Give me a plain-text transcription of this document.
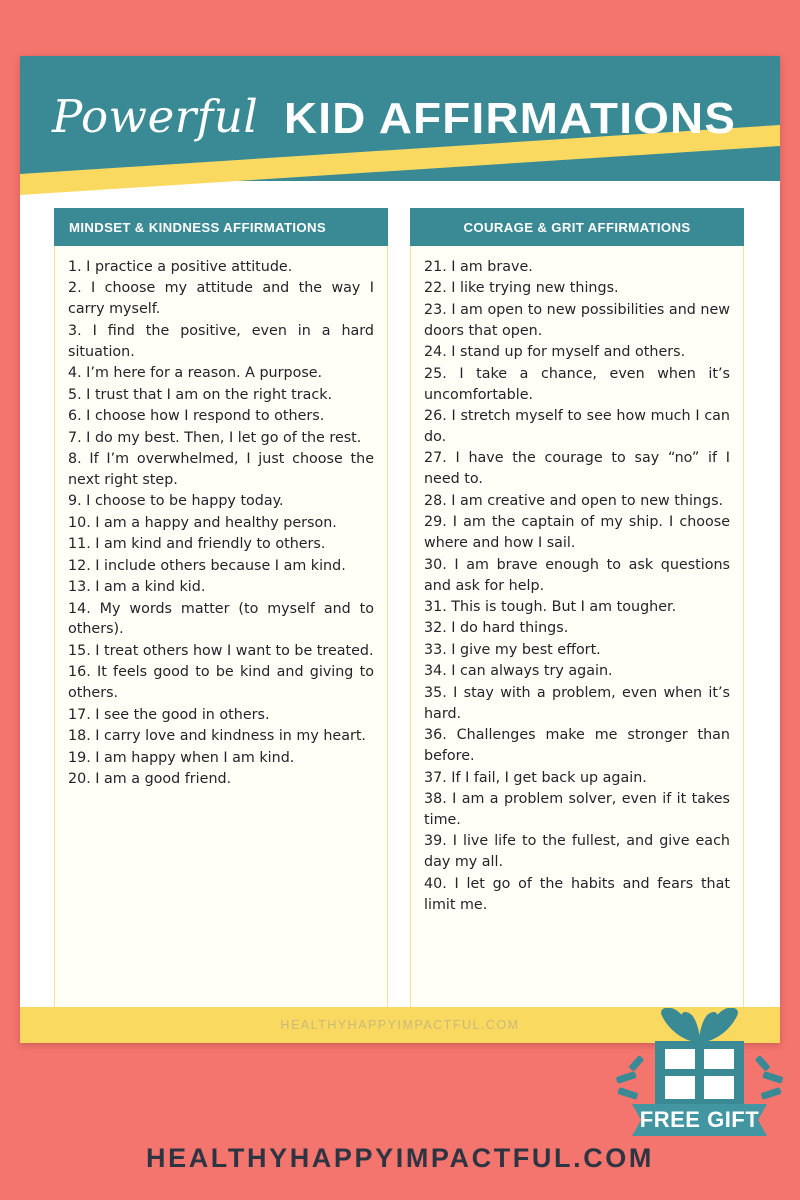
Powerful KID AFFIRMATIONS
MINDSET & KINDNESS AFFIRMATIONS
1. I practice a positive attitude.
2. I choose my attitude and the way I carry myself.
3. I find the positive, even in a hard situation.
4. I’m here for a reason. A purpose.
5. I trust that I am on the right track.
6. I choose how I respond to others.
7. I do my best. Then, I let go of the rest.
8. If I’m overwhelmed, I just choose the next right step.
9. I choose to be happy today.
10. I am a happy and healthy person.
11. I am kind and friendly to others.
12. I include others because I am kind.
13. I am a kind kid.
14. My words matter (to myself and to others).
15. I treat others how I want to be treated.
16. It feels good to be kind and giving to others.
17. I see the good in others.
18. I carry love and kindness in my heart.
19. I am happy when I am kind.
20. I am a good friend.
COURAGE & GRIT AFFIRMATIONS
21. I am brave.
22. I like trying new things.
23. I am open to new possibilities and new doors that open.
24. I stand up for myself and others.
25. I take a chance, even when it’s uncomfortable.
26. I stretch myself to see how much I can do.
27. I have the courage to say “no” if I need to.
28. I am creative and open to new things.
29. I am the captain of my ship. I choose where and how I sail.
30. I am brave enough to ask questions and ask for help.
31. This is tough. But I am tougher.
32. I do hard things.
33. I give my best effort.
34. I can always try again.
35. I stay with a problem, even when it’s hard.
36. Challenges make me stronger than before.
37. If I fail, I get back up again.
38. I am a problem solver, even if it takes time.
39. I live life to the fullest, and give each day my all.
40. I let go of the habits and fears that limit me.
HEALTHYHAPPYIMPACTFUL.COM
FREE GIFT
HEALTHYHAPPYIMPACTFUL.COM
